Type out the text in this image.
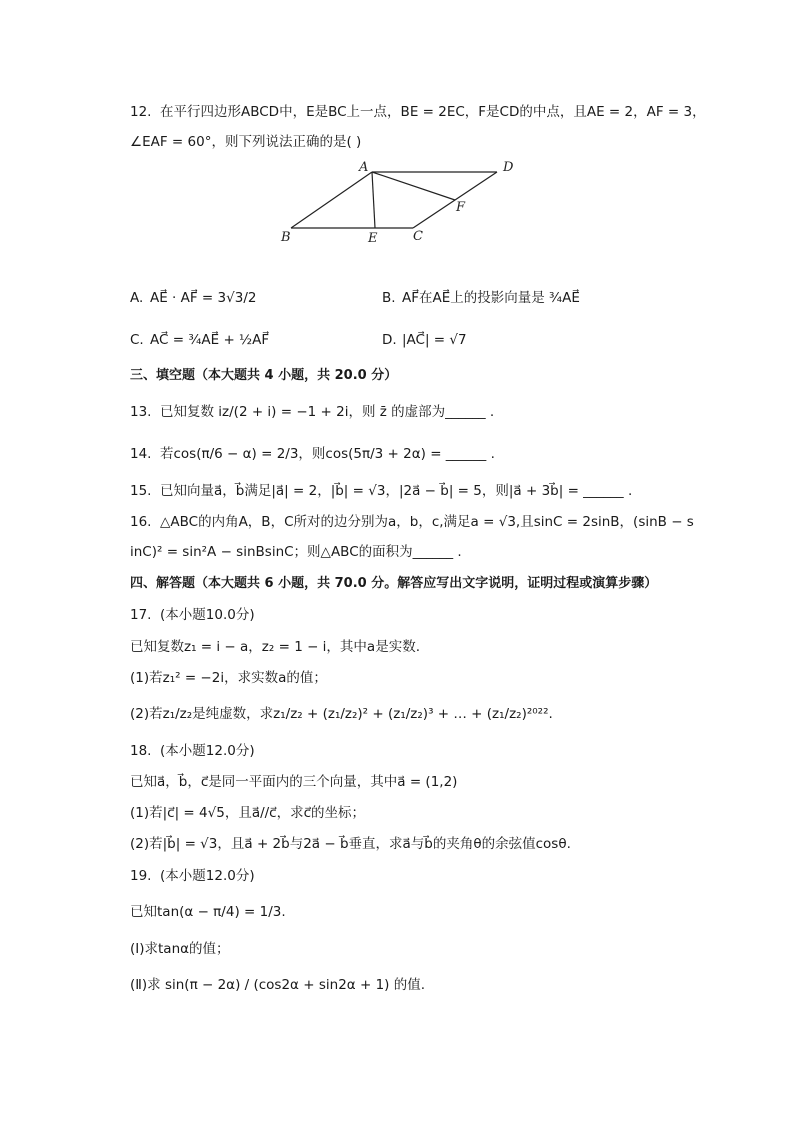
12. 在平行四边形ABCD中，E是BC上一点，BE = 2EC，F是CD的中点，且AE = 2，AF = 3，
∠EAF = 60°，则下列说法正确的是( )
A	D
F
B	E	C
A. AE⃗ · AF⃗ = 3√3/2	B. AF⃗在AE⃗上的投影向量是 ¾AE⃗
C. AC⃗ = ¾AE⃗ + ½AF⃗	D. |AC⃗| = √7
三、填空题（本大题共 4 小题，共 20.0 分）
13. 已知复数 iz/(2 + i) = −1 + 2i，则 z̄ 的虚部为______ .
14. 若cos(π/6 − α) = 2/3，则cos(5π/3 + 2α) = ______ .
15. 已知向量a⃗，b⃗满足|a⃗| = 2，|b⃗| = √3，|2a⃗ − b⃗| = 5，则|a⃗ + 3b⃗| = ______ .
16. △ABC的内角A，B，C所对的边分别为a，b，c,满足a = √3,且sinC = 2sinB，(sinB − s
inC)² = sin²A − sinBsinC；则△ABC的面积为______ .
四、解答题（本大题共 6 小题，共 70.0 分。解答应写出文字说明，证明过程或演算步骤）
17. (本小题10.0分)
已知复数z₁ = i − a，z₂ = 1 − i，其中a是实数.
(1)若z₁² = −2i，求实数a的值；
(2)若z₁/z₂是纯虚数，求z₁/z₂ + (z₁/z₂)² + (z₁/z₂)³ + … + (z₁/z₂)²⁰²².
18. (本小题12.0分)
已知a⃗，b⃗，c⃗是同一平面内的三个向量，其中a⃗ = (1,2)
(1)若|c⃗| = 4√5，且a⃗//c⃗，求c⃗的坐标；
(2)若|b⃗| = √3，且a⃗ + 2b⃗与2a⃗ − b⃗垂直，求a⃗与b⃗的夹角θ的余弦值cosθ.
19. (本小题12.0分)
已知tan(α − π/4) = 1/3.
(Ⅰ)求tanα的值；
(Ⅱ)求 sin(π − 2α) / (cos2α + sin2α + 1) 的值.
